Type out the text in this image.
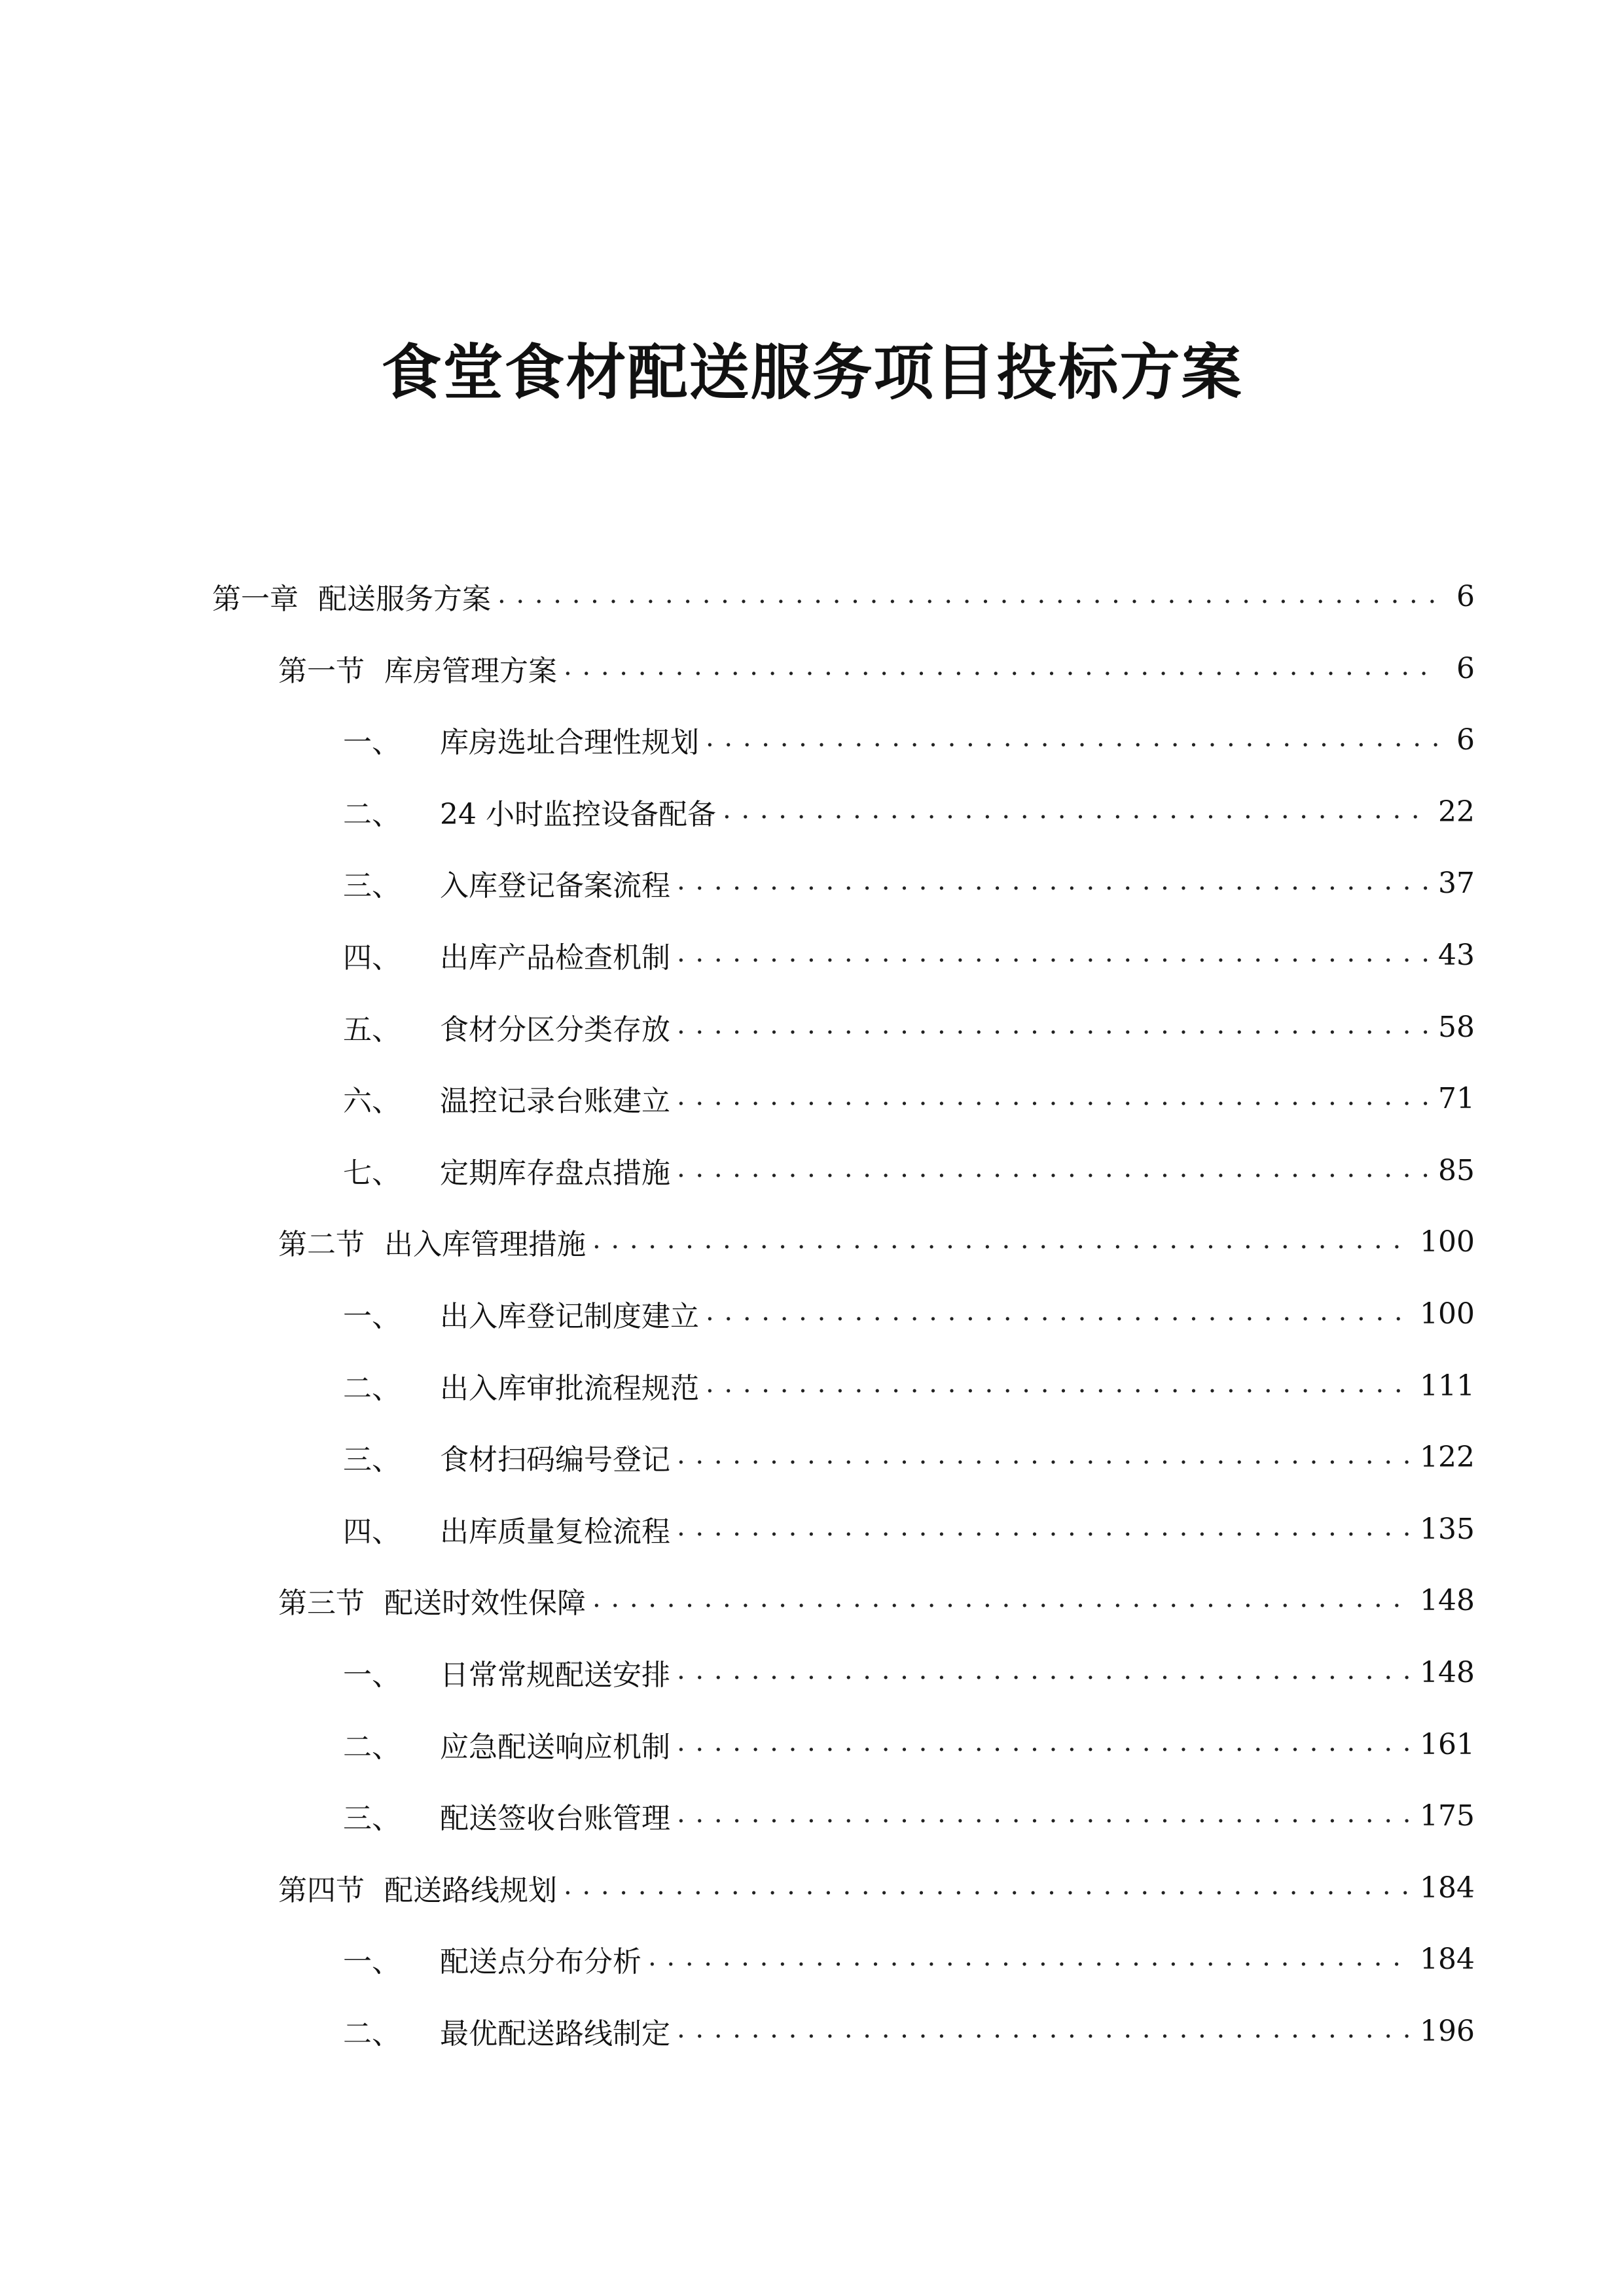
食堂食材配送服务项目投标方案
第一章 配送服务方案 . . .	6
第一节 库房管理方案 . . .	6
一、 库房选址合理性规划 . . .	6
二、 24 小时监控设备配备 . . .	22
三、 入库登记备案流程 . . .	37
四、 出库产品检查机制 . . .	43
五、 食材分区分类存放 . . .	58
六、 温控记录台账建立 . . .	71
七、 定期库存盘点措施 . . .	85
第二节 出入库管理措施 . . .	100
一、 出入库登记制度建立 . . .	100
二、 出入库审批流程规范 . . .	111
三、 食材扫码编号登记 . . .	122
四、 出库质量复检流程 . . .	135
第三节 配送时效性保障 . . .	148
一、 日常常规配送安排 . . .	148
二、 应急配送响应机制 . . .	161
三、 配送签收台账管理 . . .	175
第四节 配送路线规划 . . .	184
一、 配送点分布分析 . . .	184
二、 最优配送路线制定 . . .	196
